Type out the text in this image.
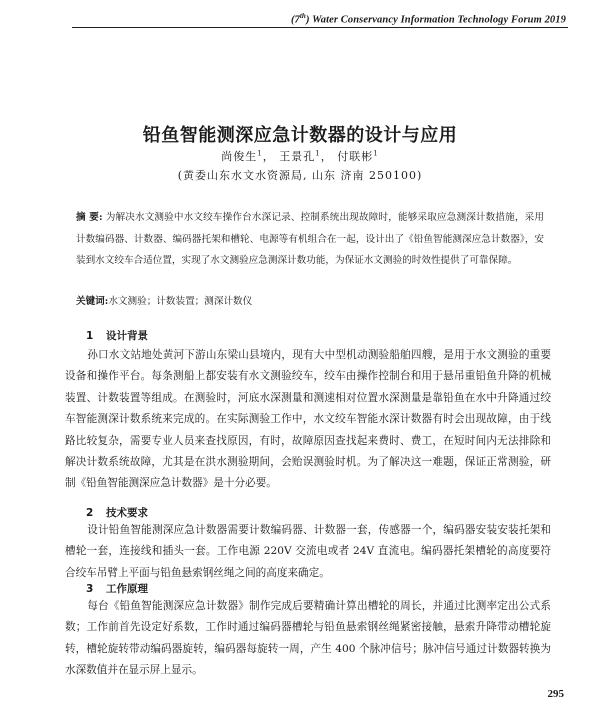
(7th) Water Conservancy Information Technology Forum 2019
铅鱼智能测深应急计数器的设计与应用
尚俊生$^1$， 王景孔$^1$， 付联彬$^1$
(黄委山东水文水资源局, 山东 济南 250100)
摘 要: 为解决水文测验中水文绞车操作台水深记录、控制系统出现故障时，能够采取应急测深计数措施，采用计数编码器、计数器、编码器托架和槽轮、电源等有机组合在一起，设计出了《铅鱼智能测深应急计数器》，安装到水文绞车合适位置，实现了水文测验应急测深计数功能，为保证水文测验的时效性提供了可靠保障。
关键词:水文测验；计数装置；测深计数仪
1 设计背景
孙口水文站地处黄河下游山东梁山县境内，现有大中型机动测验船舶四艘，是用于水文测验的重要设备和操作平台。每条测船上都安装有水文测验绞车，绞车由操作控制台和用于悬吊重铅鱼升降的机械装置、计数装置等组成。在测验时，河底水深测量和测速相对位置水深测量是靠铅鱼在水中升降通过绞车智能测深计数系统来完成的。在实际测验工作中，水文绞车智能水深计数器有时会出现故障，由于线路比较复杂，需要专业人员来查找原因，有时，故障原因查找起来费时、费工，在短时间内无法排除和解决计数系统故障，尤其是在洪水测验期间，会贻误测验时机。为了解决这一难题，保证正常测验，研制《铅鱼智能测深应急计数器》是十分必要。
2 技术要求
设计铅鱼智能测深应急计数器需要计数编码器、计数器一套，传感器一个，编码器安装安装托架和槽轮一套，连接线和插头一套。工作电源 220V 交流电或者 24V 直流电。编码器托架槽轮的高度要符合绞车吊臂上平面与铅鱼悬索钢丝绳之间的高度来确定。
3 工作原理
每台《铅鱼智能测深应急计数器》制作完成后要精确计算出槽轮的周长，并通过比测率定出公式系数；工作前首先设定好系数，工作时通过编码器槽轮与铅鱼悬索钢丝绳紧密接触，悬索升降带动槽轮旋转，槽轮旋转带动编码器旋转，编码器每旋转一周，产生 400 个脉冲信号；脉冲信号通过计数器转换为水深数值并在显示屏上显示。
295
